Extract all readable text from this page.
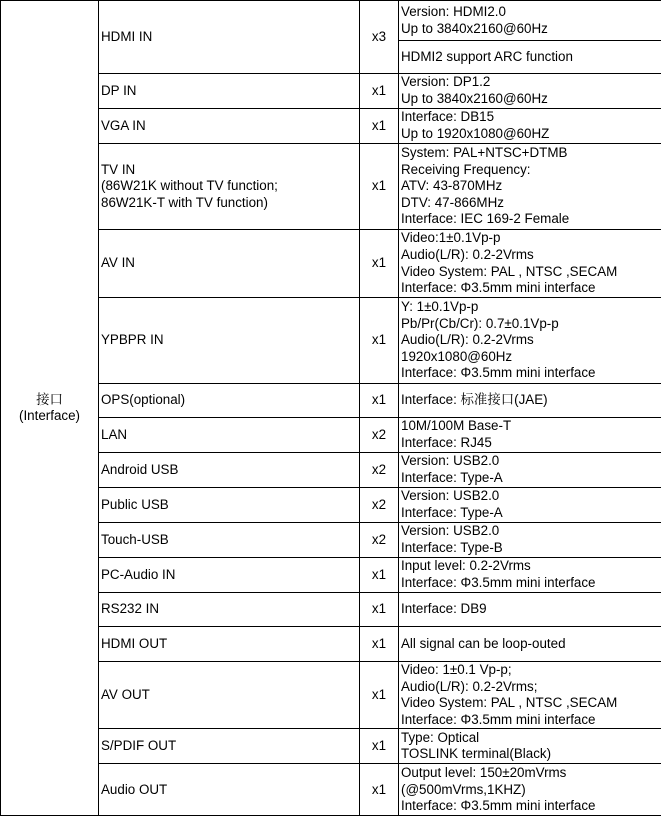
接口
(Interface)	HDMI IN	x3	Version: HDMI2.0
Up to 3840x2160@60Hz

			HDMI2 support ARC function

	DP IN	x1	Version: DP1.2
Up to 3840x2160@60Hz

	VGA IN	x1	Interface: DB15
Up to 1920x1080@60HZ

	TV IN
(86W21K without TV function;
86W21K-T with TV function)	x1	System: PAL+NTSC+DTMB
Receiving Frequency:
ATV: 43-870MHz
DTV: 47-866MHz
Interface: IEC 169-2 Female

	AV IN	x1	Video:1±0.1Vp-p
Audio(L/R): 0.2-2Vrms
Video System: PAL , NTSC ,SECAM
Interface: Φ3.5mm mini interface

	YPBPR IN	x1	Y: 1±0.1Vp-p
Pb/Pr(Cb/Cr): 0.7±0.1Vp-p
Audio(L/R): 0.2-2Vrms
1920x1080@60Hz
Interface: Φ3.5mm mini interface

	OPS(optional)	x1	Interface: 标准接口(JAE)

	LAN	x2	10M/100M Base-T
Interface: RJ45

	Android USB	x2	Version: USB2.0
Interface: Type-A

	Public USB	x2	Version: USB2.0
Interface: Type-A

	Touch-USB	x2	Version: USB2.0
Interface: Type-B

	PC-Audio IN	x1	Input level: 0.2-2Vrms
Interface: Φ3.5mm mini interface

	RS232 IN	x1	Interface: DB9

	HDMI OUT	x1	All signal can be loop-outed

	AV OUT	x1	Video: 1±0.1 Vp-p;
Audio(L/R): 0.2-2Vrms;
Video System: PAL , NTSC ,SECAM
Interface: Φ3.5mm mini interface

	S/PDIF OUT	x1	Type: Optical
TOSLINK terminal(Black)

	Audio OUT	x1	Output level: 150±20mVrms
(@500mVrms,1KHZ)
Interface: Φ3.5mm mini interface
